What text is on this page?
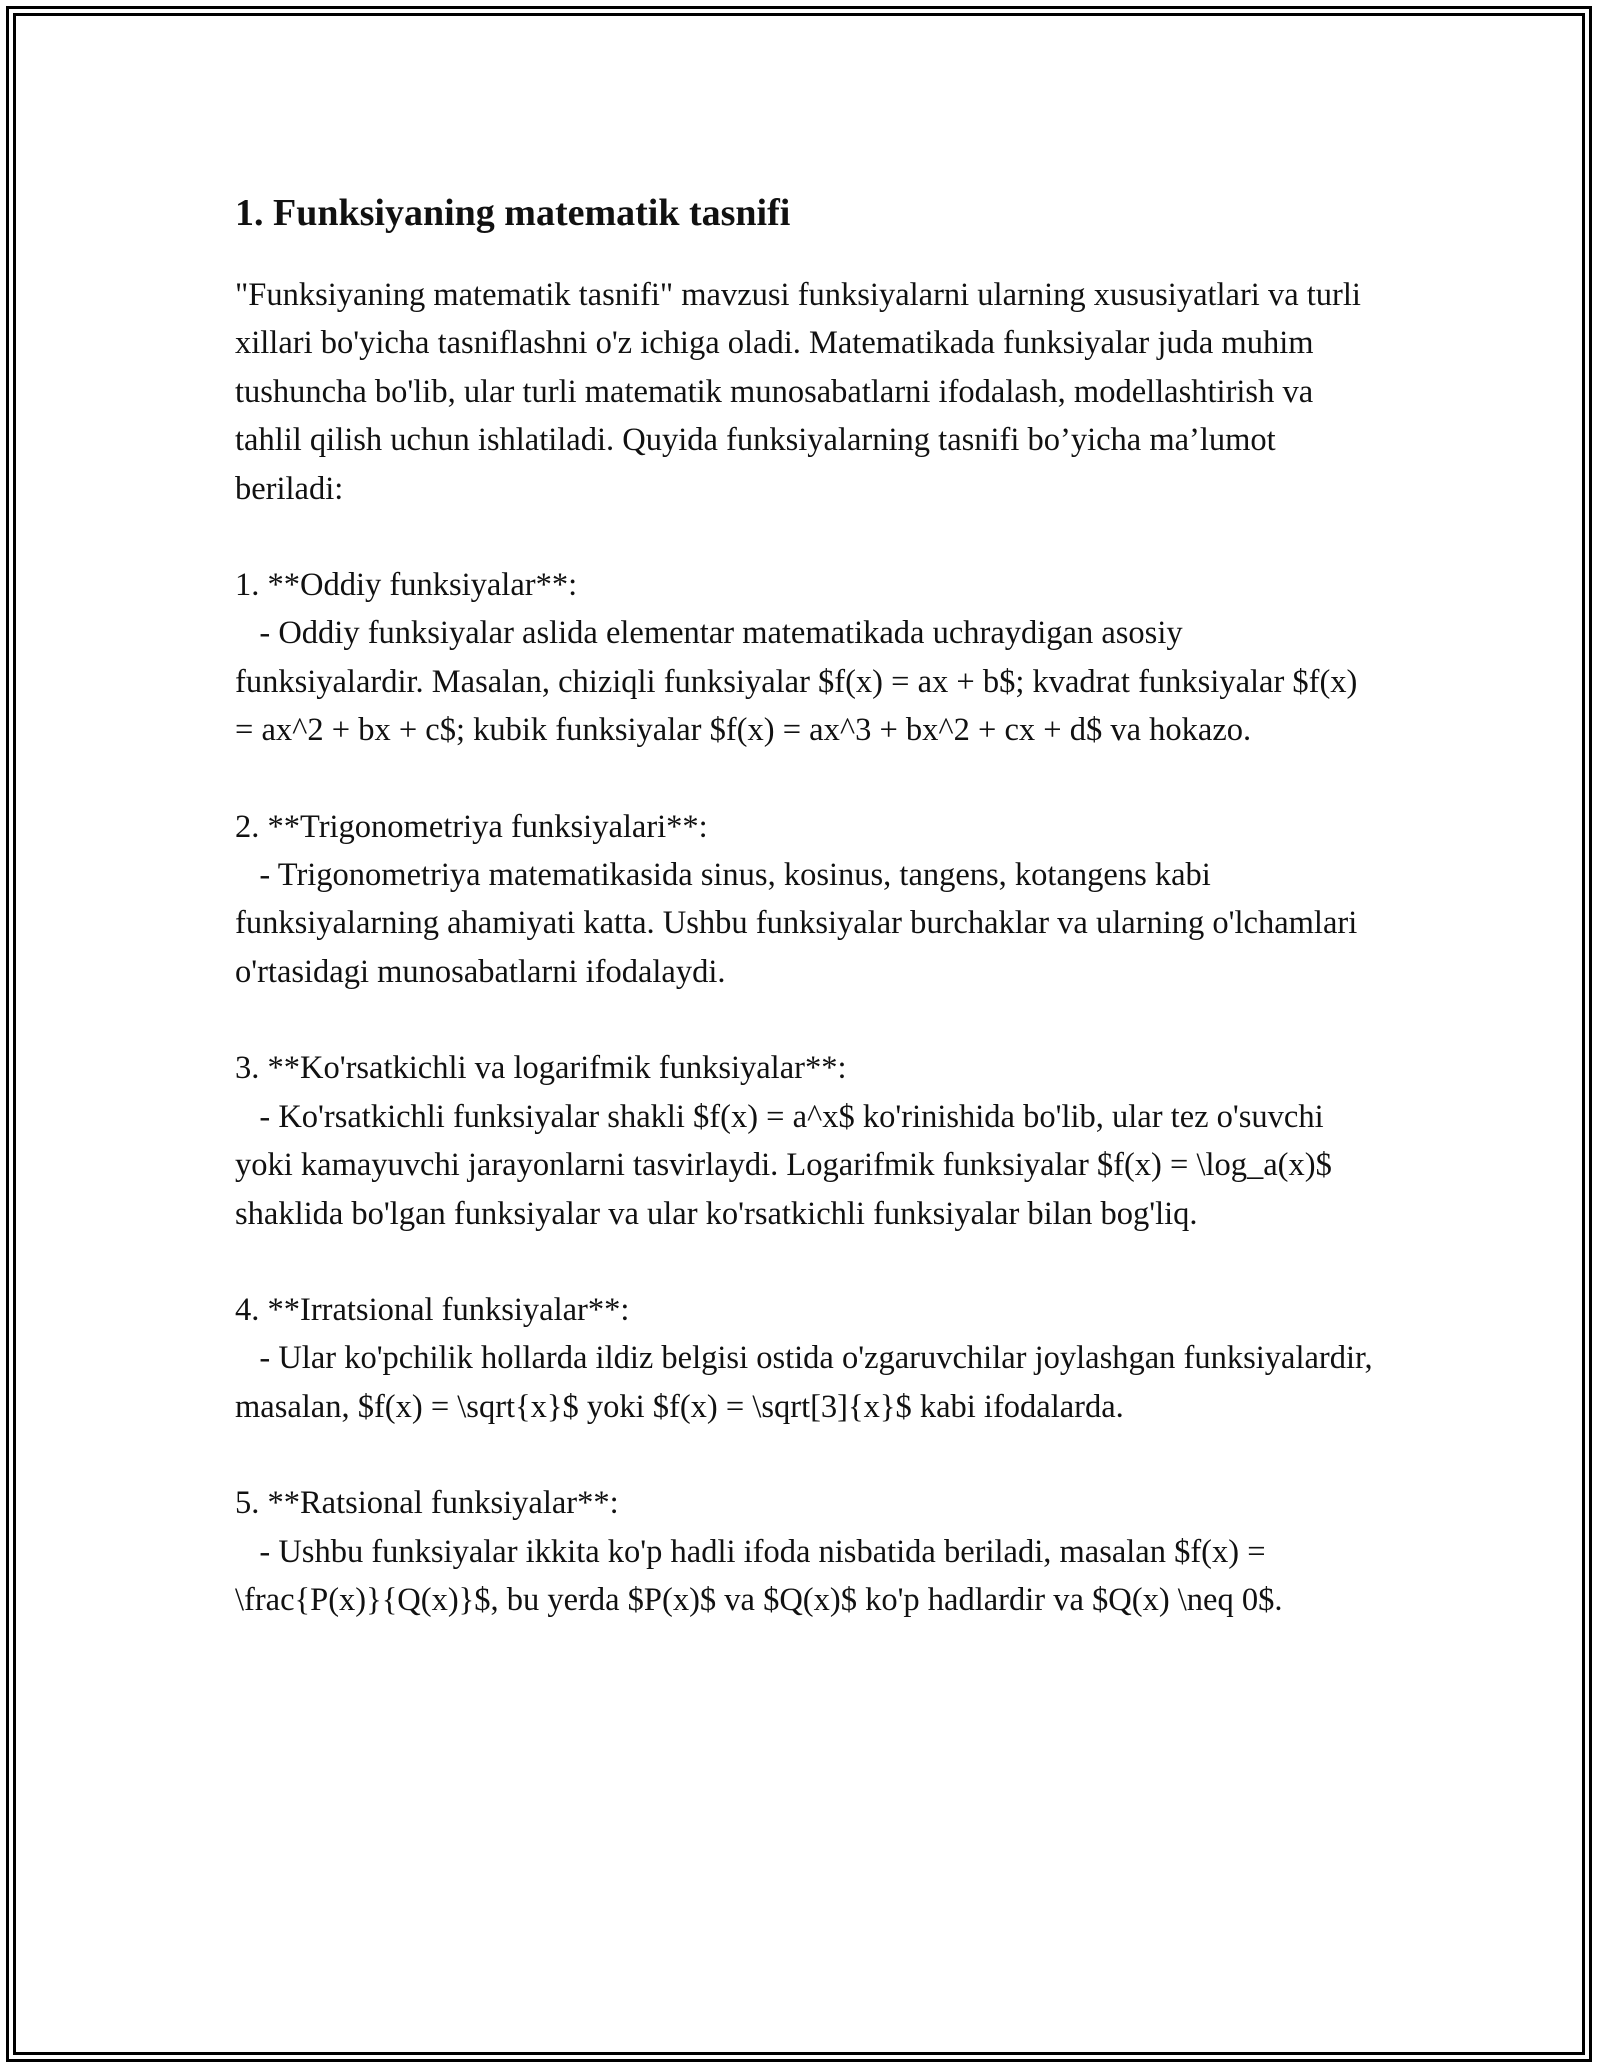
1. Funksiyaning matematik tasnifi

"Funksiyaning matematik tasnifi" mavzusi funksiyalarni ularning xususiyatlari va turli xillari bo'yicha tasniflashni o'z ichiga oladi. Matematikada funksiyalar juda muhim tushuncha bo'lib, ular turli matematik munosabatlarni ifodalash, modellashtirish va tahlil qilish uchun ishlatiladi. Quyida funksiyalarning tasnifi bo’yicha ma’lumot beriladi:

1. **Oddiy funksiyalar**:

- Oddiy funksiyalar aslida elementar matematikada uchraydigan asosiy funksiyalardir. Masalan, chiziqli funksiyalar $f(x) = ax + b$; kvadrat funksiyalar $f(x) = ax^2 + bx + c$; kubik funksiyalar $f(x) = ax^3 + bx^2 + cx + d$ va hokazo.

2. **Trigonometriya funksiyalari**:

- Trigonometriya matematikasida sinus, kosinus, tangens, kotangens kabi funksiyalarning ahamiyati katta. Ushbu funksiyalar burchaklar va ularning o'lchamlari o'rtasidagi munosabatlarni ifodalaydi.

3. **Ko'rsatkichli va logarifmik funksiyalar**:

- Ko'rsatkichli funksiyalar shakli $f(x) = a^x$ ko'rinishida bo'lib, ular tez o'suvchi yoki kamayuvchi jarayonlarni tasvirlaydi. Logarifmik funksiyalar $f(x) = \log_a(x)$ shaklida bo'lgan funksiyalar va ular ko'rsatkichli funksiyalar bilan bog'liq.

4. **Irratsional funksiyalar**:

- Ular ko'pchilik hollarda ildiz belgisi ostida o'zgaruvchilar joylashgan funksiyalardir, masalan, $f(x) = \sqrt{x}$ yoki $f(x) = \sqrt[3]{x}$ kabi ifodalarda.

5. **Ratsional funksiyalar**:

- Ushbu funksiyalar ikkita ko'p hadli ifoda nisbatida beriladi, masalan $f(x) = \frac{P(x)}{Q(x)}$, bu yerda $P(x)$ va $Q(x)$ ko'p hadlardir va $Q(x) \neq 0$.
